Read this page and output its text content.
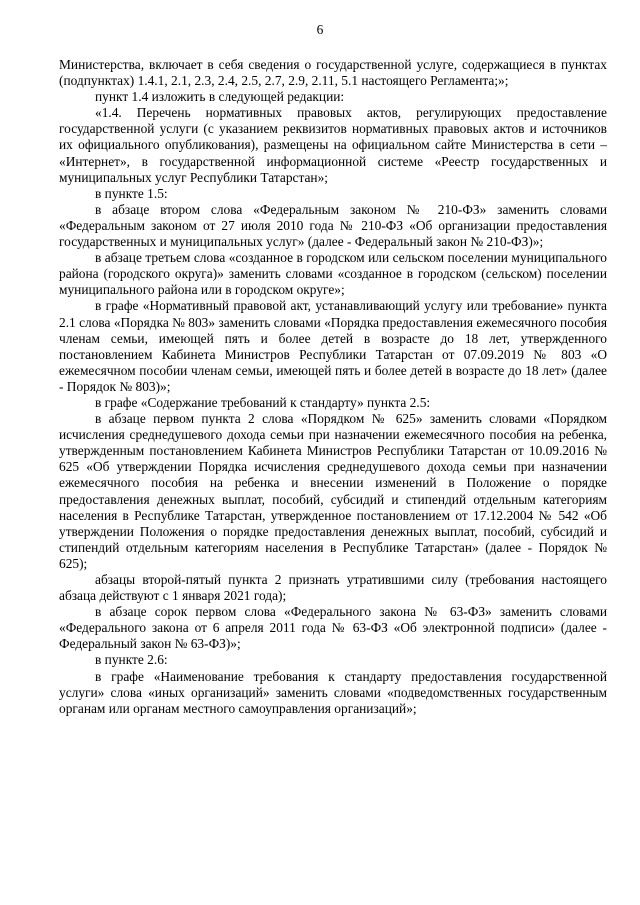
6

Министерства, включает в себя сведения о государственной услуге, содержащиеся в пунктах (подпунктах) 1.4.1, 2.1, 2.3, 2.4, 2.5, 2.7, 2.9, 2.11, 5.1 настоящего Регламента;»;

пункт 1.4 изложить в следующей редакции:

«1.4. Перечень нормативных правовых актов, регулирующих предоставление государственной услуги (с указанием реквизитов нормативных правовых актов и источников их официального опубликования), размещены на официальном сайте Министерства в сети – «Интернет», в государственной информационной системе «Реестр государственных и муниципальных услуг Республики Татарстан»;

в пункте 1.5:

в абзаце втором слова «Федеральным законом № 210-ФЗ» заменить словами «Федеральным законом от 27 июля 2010 года № 210-ФЗ «Об организации предоставления государственных и муниципальных услуг» (далее - Федеральный закон № 210-ФЗ)»;

в абзаце третьем слова «созданное в городском или сельском поселении муниципального района (городского округа)» заменить словами «созданное в городском (сельском) поселении муниципального района или в городском округе»;

в графе «Нормативный правовой акт, устанавливающий услугу или требование» пункта 2.1 слова «Порядка № 803» заменить словами «Порядка предоставления ежемесячного пособия членам семьи, имеющей пять и более детей в возрасте до 18 лет, утвержденного постановлением Кабинета Министров Республики Татарстан от 07.09.2019 № 803 «О ежемесячном пособии членам семьи, имеющей пять и более детей в возрасте до 18 лет» (далее - Порядок № 803)»;

в графе «Содержание требований к стандарту» пункта 2.5:

в абзаце первом пункта 2 слова «Порядком № 625» заменить словами «Порядком исчисления среднедушевого дохода семьи при назначении ежемесячного пособия на ребенка, утвержденным постановлением Кабинета Министров Республики Татарстан от 10.09.2016 № 625 «Об утверждении Порядка исчисления среднедушевого дохода семьи при назначении ежемесячного пособия на ребенка и внесении изменений в Положение о порядке предоставления денежных выплат, пособий, субсидий и стипендий отдельным категориям населения в Республике Татарстан, утвержденное постановлением от 17.12.2004 № 542 «Об утверждении Положения о порядке предоставления денежных выплат, пособий, субсидий и стипендий отдельным категориям населения в Республике Татарстан» (далее - Порядок № 625);

абзацы второй-пятый пункта 2 признать утратившими силу (требования настоящего абзаца действуют с 1 января 2021 года);

в абзаце сорок первом слова «Федерального закона № 63-ФЗ» заменить словами «Федерального закона от 6 апреля 2011 года № 63-ФЗ «Об электронной подписи» (далее - Федеральный закон № 63-ФЗ)»;

в пункте 2.6:

в графе «Наименование требования к стандарту предоставления государственной услуги» слова «иных организаций» заменить словами «подведомственных государственным органам или органам местного самоуправления организаций»;
